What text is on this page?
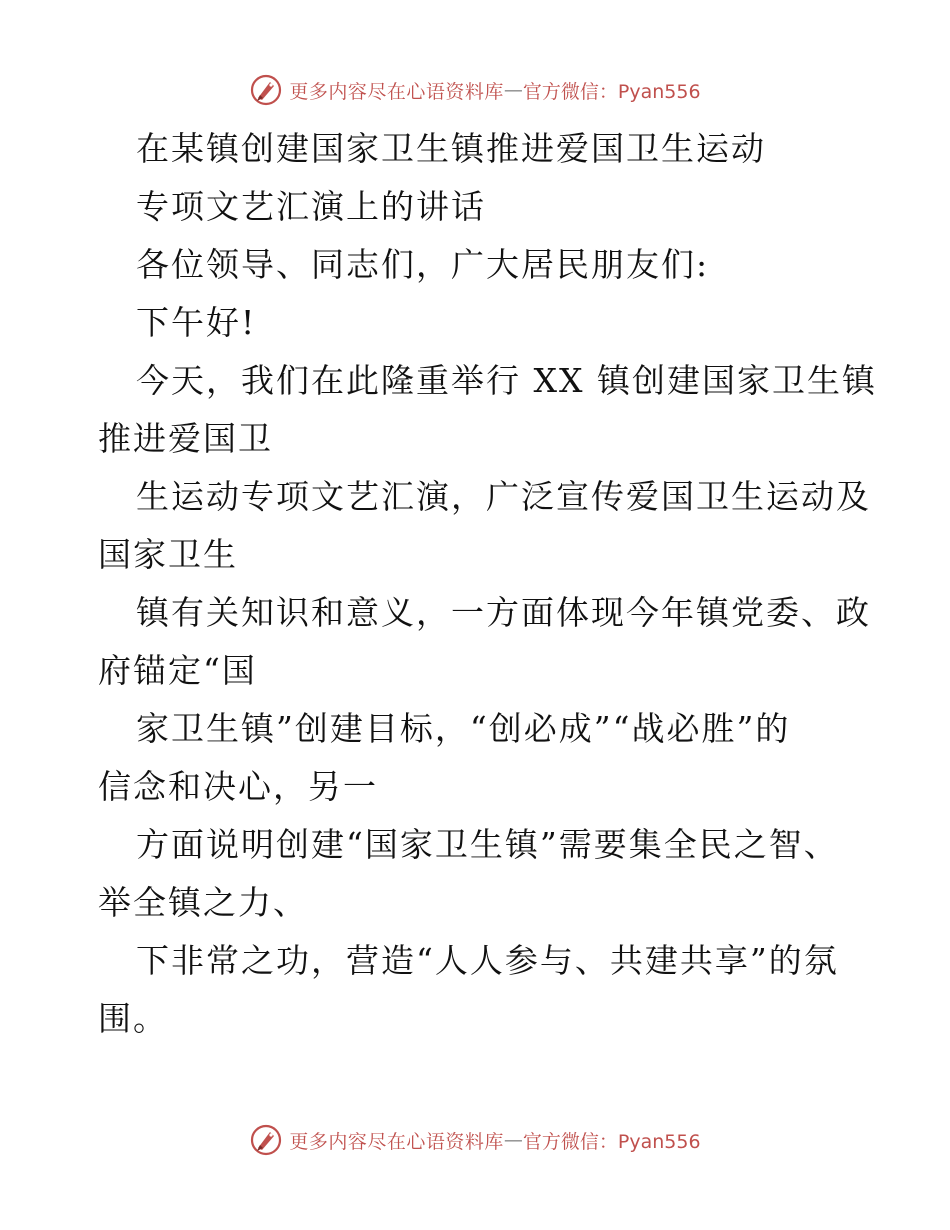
更多内容尽在心语资料库 — 官方微信：Pyan556
在某镇创建国家卫生镇推进爱国卫生运动
专项文艺汇演上的讲话
各位领导、同志们，广大居民朋友们:
下午好!
今天，我们在此隆重举行 XX 镇创建国家卫生镇
推进爱国卫
生运动专项文艺汇演，广泛宣传爱国卫生运动及
国家卫生
镇有关知识和意义，一方面体现今年镇党委、政
府锚定“国
家卫生镇”创建目标，“创必成”“战必胜”的
信念和决心，另一
方面说明创建“国家卫生镇”需要集全民之智、
举全镇之力、
下非常之功，营造“人人参与、共建共享”的氛
围。
更多内容尽在心语资料库 — 官方微信：Pyan556
